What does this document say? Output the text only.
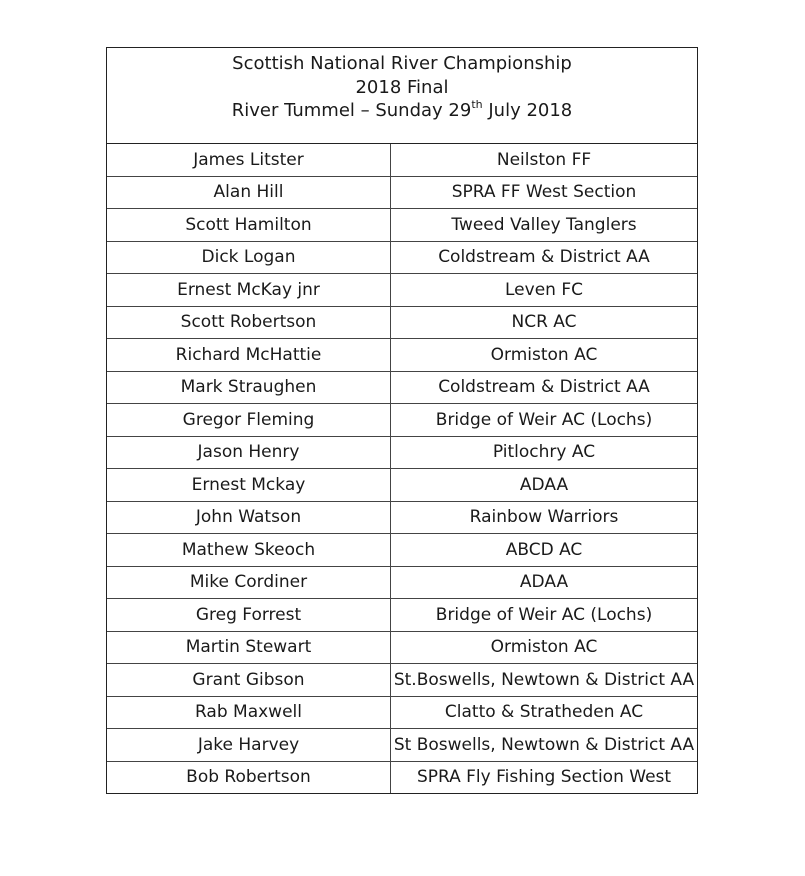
Scottish National River Championship
2018 Final
River Tummel – Sunday 29th July 2018
James Litster	Neilston FF
Alan Hill	SPRA FF West Section
Scott Hamilton	Tweed Valley Tanglers
Dick Logan	Coldstream & District AA
Ernest McKay jnr	Leven FC
Scott Robertson	NCR AC
Richard McHattie	Ormiston AC
Mark Straughen	Coldstream & District AA
Gregor Fleming	Bridge of Weir AC (Lochs)
Jason Henry	Pitlochry AC
Ernest Mckay	ADAA
John Watson	Rainbow Warriors
Mathew Skeoch	ABCD AC
Mike Cordiner	ADAA
Greg Forrest	Bridge of Weir AC (Lochs)
Martin Stewart	Ormiston AC
Grant Gibson	St.Boswells, Newtown & District AA
Rab Maxwell	Clatto & Stratheden AC
Jake Harvey	St Boswells, Newtown & District AA
Bob Robertson	SPRA Fly Fishing Section West
